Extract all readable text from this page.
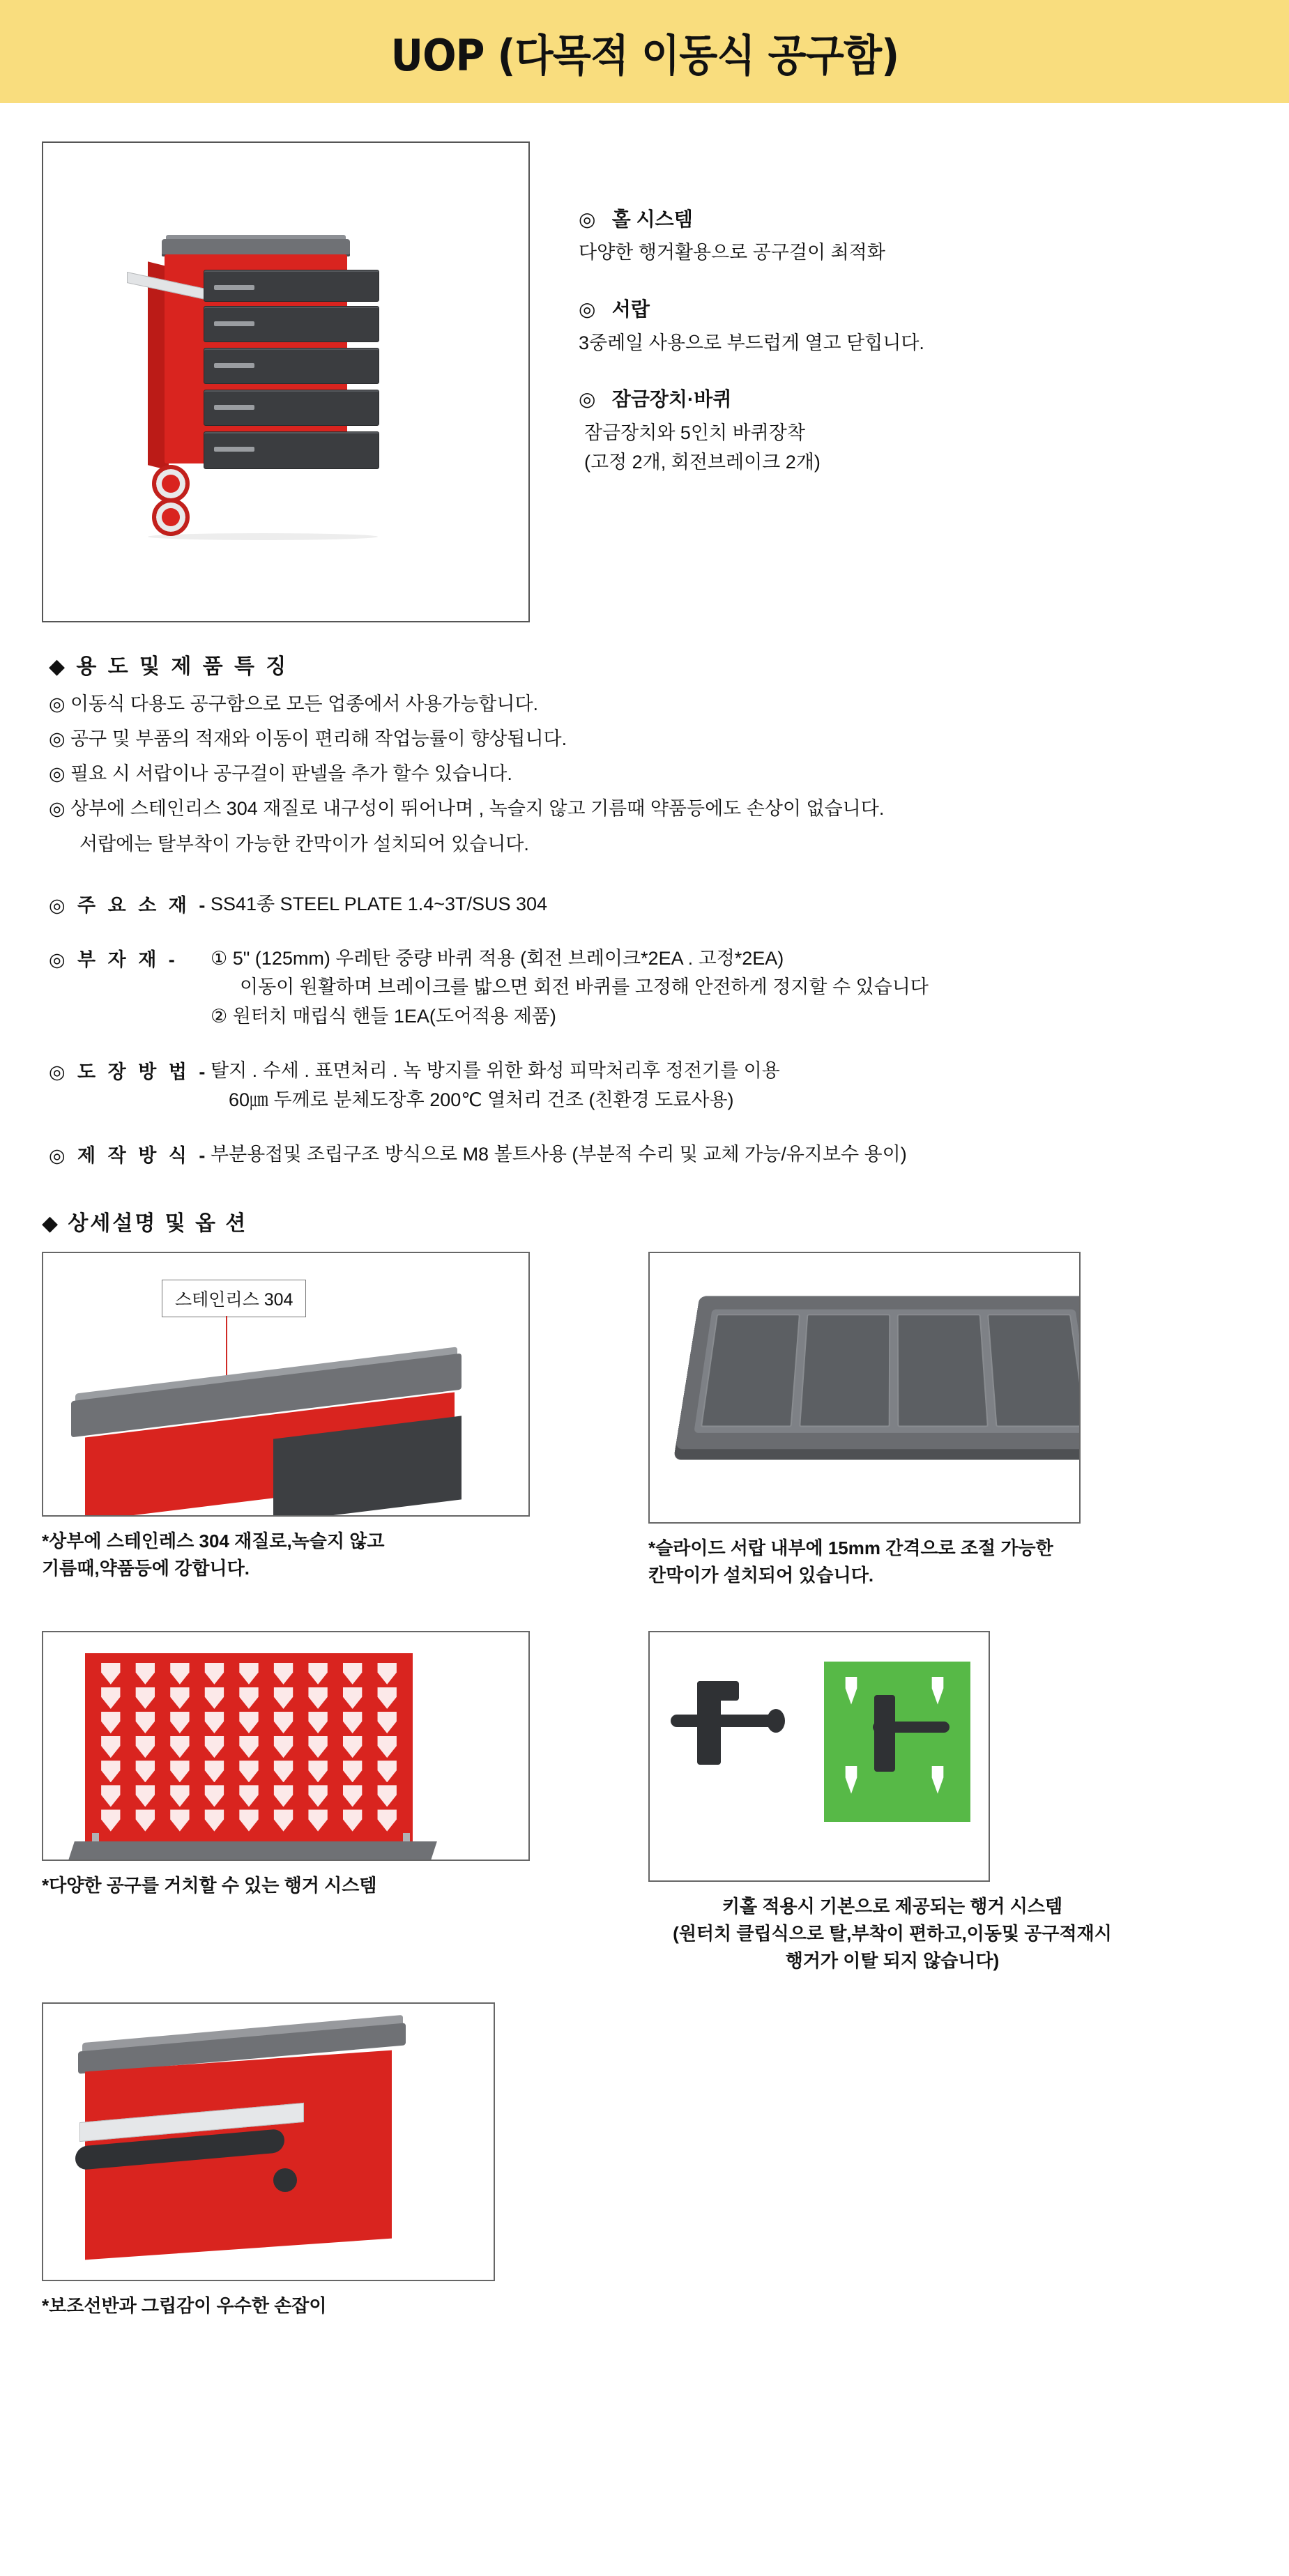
UOP (다목적 이동식 공구함)
◎ 홀 시스템
다양한 행거활용으로 공구걸이 최적화
◎ 서랍
3중레일 사용으로 부드럽게 열고 닫힙니다.
◎ 잠금장치·바퀴
잠금장치와 5인치 바퀴장착
(고정 2개, 회전브레이크 2개)
◆ 용 도 및 제 품 특 징
◎ 이동식 다용도 공구함으로 모든 업종에서 사용가능합니다.
◎ 공구 및 부품의 적재와 이동이 편리해 작업능률이 향상됩니다.
◎ 필요 시 서랍이나 공구걸이 판넬을 추가 할수 있습니다.
◎ 상부에 스테인리스 304 재질로 내구성이 뛰어나며 , 녹슬지 않고 기름때 약품등에도 손상이 없습니다.
서랍에는 탈부착이 가능한 칸막이가 설치되어 있습니다.
◎ 주 요 소 재 - SS41종 STEEL PLATE 1.4~3T/SUS 304
◎ 부 자 재 -	① 5" (125mm) 우레탄 중량 바퀴 적용 (회전 브레이크*2EA . 고정*2EA)
이동이 원활하며 브레이크를 밟으면 회전 바퀴를 고정해 안전하게 정지할 수 있습니다
② 원터치 매립식 핸들 1EA(도어적용 제품)
◎ 도 장 방 법 - 탈지 . 수세 . 표면처리 . 녹 방지를 위한 화성 피막처리후 정전기를 이용
60㎛ 두께로 분체도장후 200℃ 열처리 건조 (친환경 도료사용)
◎ 제 작 방 식 - 부분용접및 조립구조 방식으로 M8 볼트사용 (부분적 수리 및 교체 가능/유지보수 용이)
◆ 상세설명 및 옵 션
스테인리스 304
*상부에 스테인레스 304 재질로,녹슬지 않고
기름때,약품등에 강합니다.
*슬라이드 서랍 내부에 15mm 간격으로 조절 가능한
칸막이가 설치되어 있습니다.
*다양한 공구를 거치할 수 있는 행거 시스템
키홀 적용시 기본으로 제공되는 행거 시스템
(원터치 클립식으로 탈,부착이 편하고,이동및 공구적재시
행거가 이탈 되지 않습니다)
*보조선반과 그립감이 우수한 손잡이
